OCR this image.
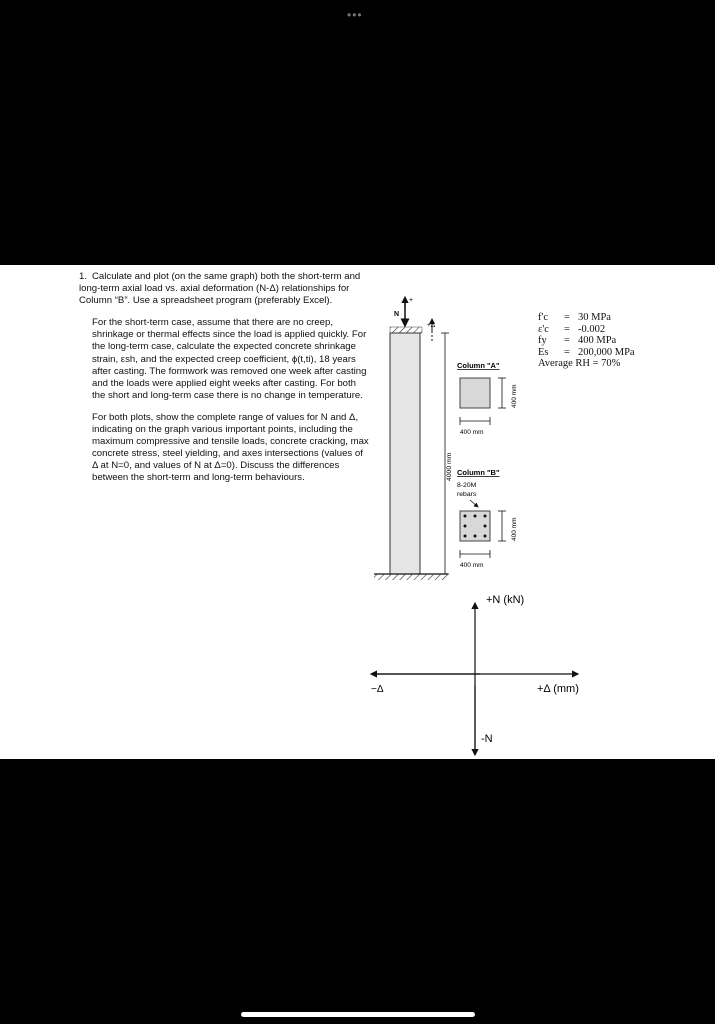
•••

1. Calculate and plot (on the same graph) both the short-term and long-term axial load vs. axial deformation (N-Δ) relationships for Column “B”. Use a spreadsheet program (preferably Excel).

For the short-term case, assume that there are no creep, shrinkage or thermal effects since the load is applied quickly. For the long-term case, calculate the expected concrete shrinkage strain, εsh, and the expected creep coefficient, ϕ(t,ti), 18 years after casting. The formwork was removed one week after casting and the loads were applied eight weeks after casting. For both the short and long-term case there is no change in temperature.

For both plots, show the complete range of values for N and Δ, indicating on the graph various important points, including the maximum compressive and tensile loads, concrete cracking, max concrete stress, steel yielding, and axes intersections (values of Δ at N=0, and values of N at Δ=0). Discuss the differences between the short-term and long-term behaviours.

N
+
+Δ
4000 mm
Column "A"
400 mm
400 mm
Column "B"
8-20M
rebars
400 mm
400 mm
+N (kN)
-N
−Δ	+Δ (mm)
f'c = 30 MPa
ε'c = -0.002
fy = 400 MPa
Es = 200,000 MPa
Average RH = 70%
